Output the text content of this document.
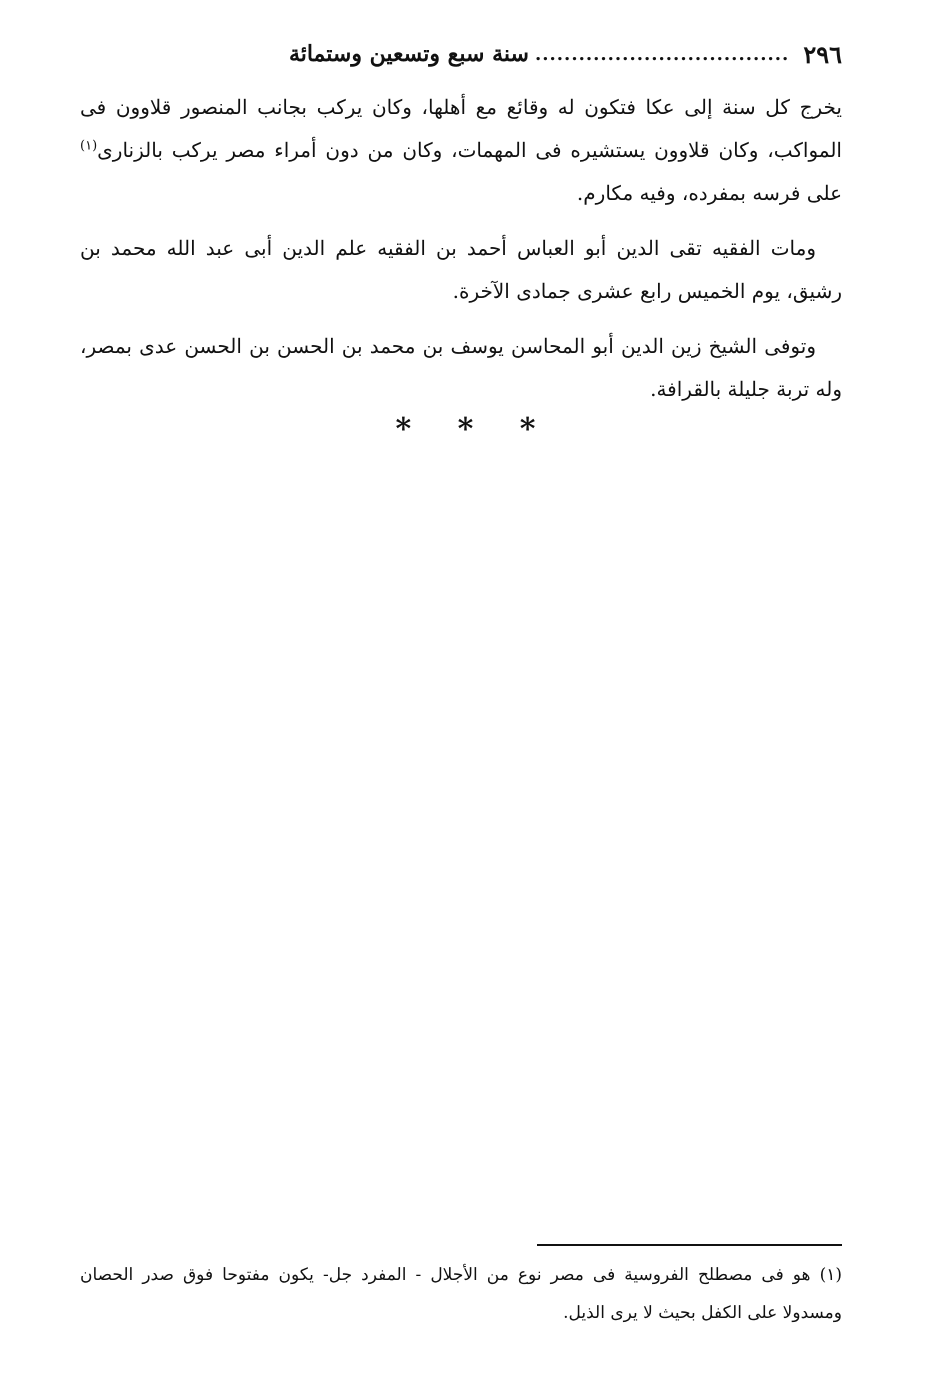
٢٩٦
...................................
سنة سبع وتسعين وستمائة

يخرج كل سنة إلى عكا فتكون له وقائع مع أهلها، وكان يركب بجانب المنصور قلاوون فى المواكب، وكان قلاوون يستشيره فى المهمات، وكان من دون أمراء مصر يركب بالزنارى$^{(١)}$ على فرسه بمفرده، وفيه مكارم.

ومات الفقيه تقى الدين أبو العباس أحمد بن الفقيه علم الدين أبى عبد الله محمد بن رشيق، يوم الخميس رابع عشرى جمادى الآخرة.

وتوفى الشيخ زين الدين أبو المحاسن يوسف بن محمد بن الحسن بن الحسن عدى بمصر، وله تربة جليلة بالقرافة.

* * *

(١) هو فى مصطلح الفروسية فى مصر نوع من الأجلال - المفرد جل- يكون مفتوحا فوق صدر الحصان ومسدولا على الكفل بحيث لا يرى الذيل.
